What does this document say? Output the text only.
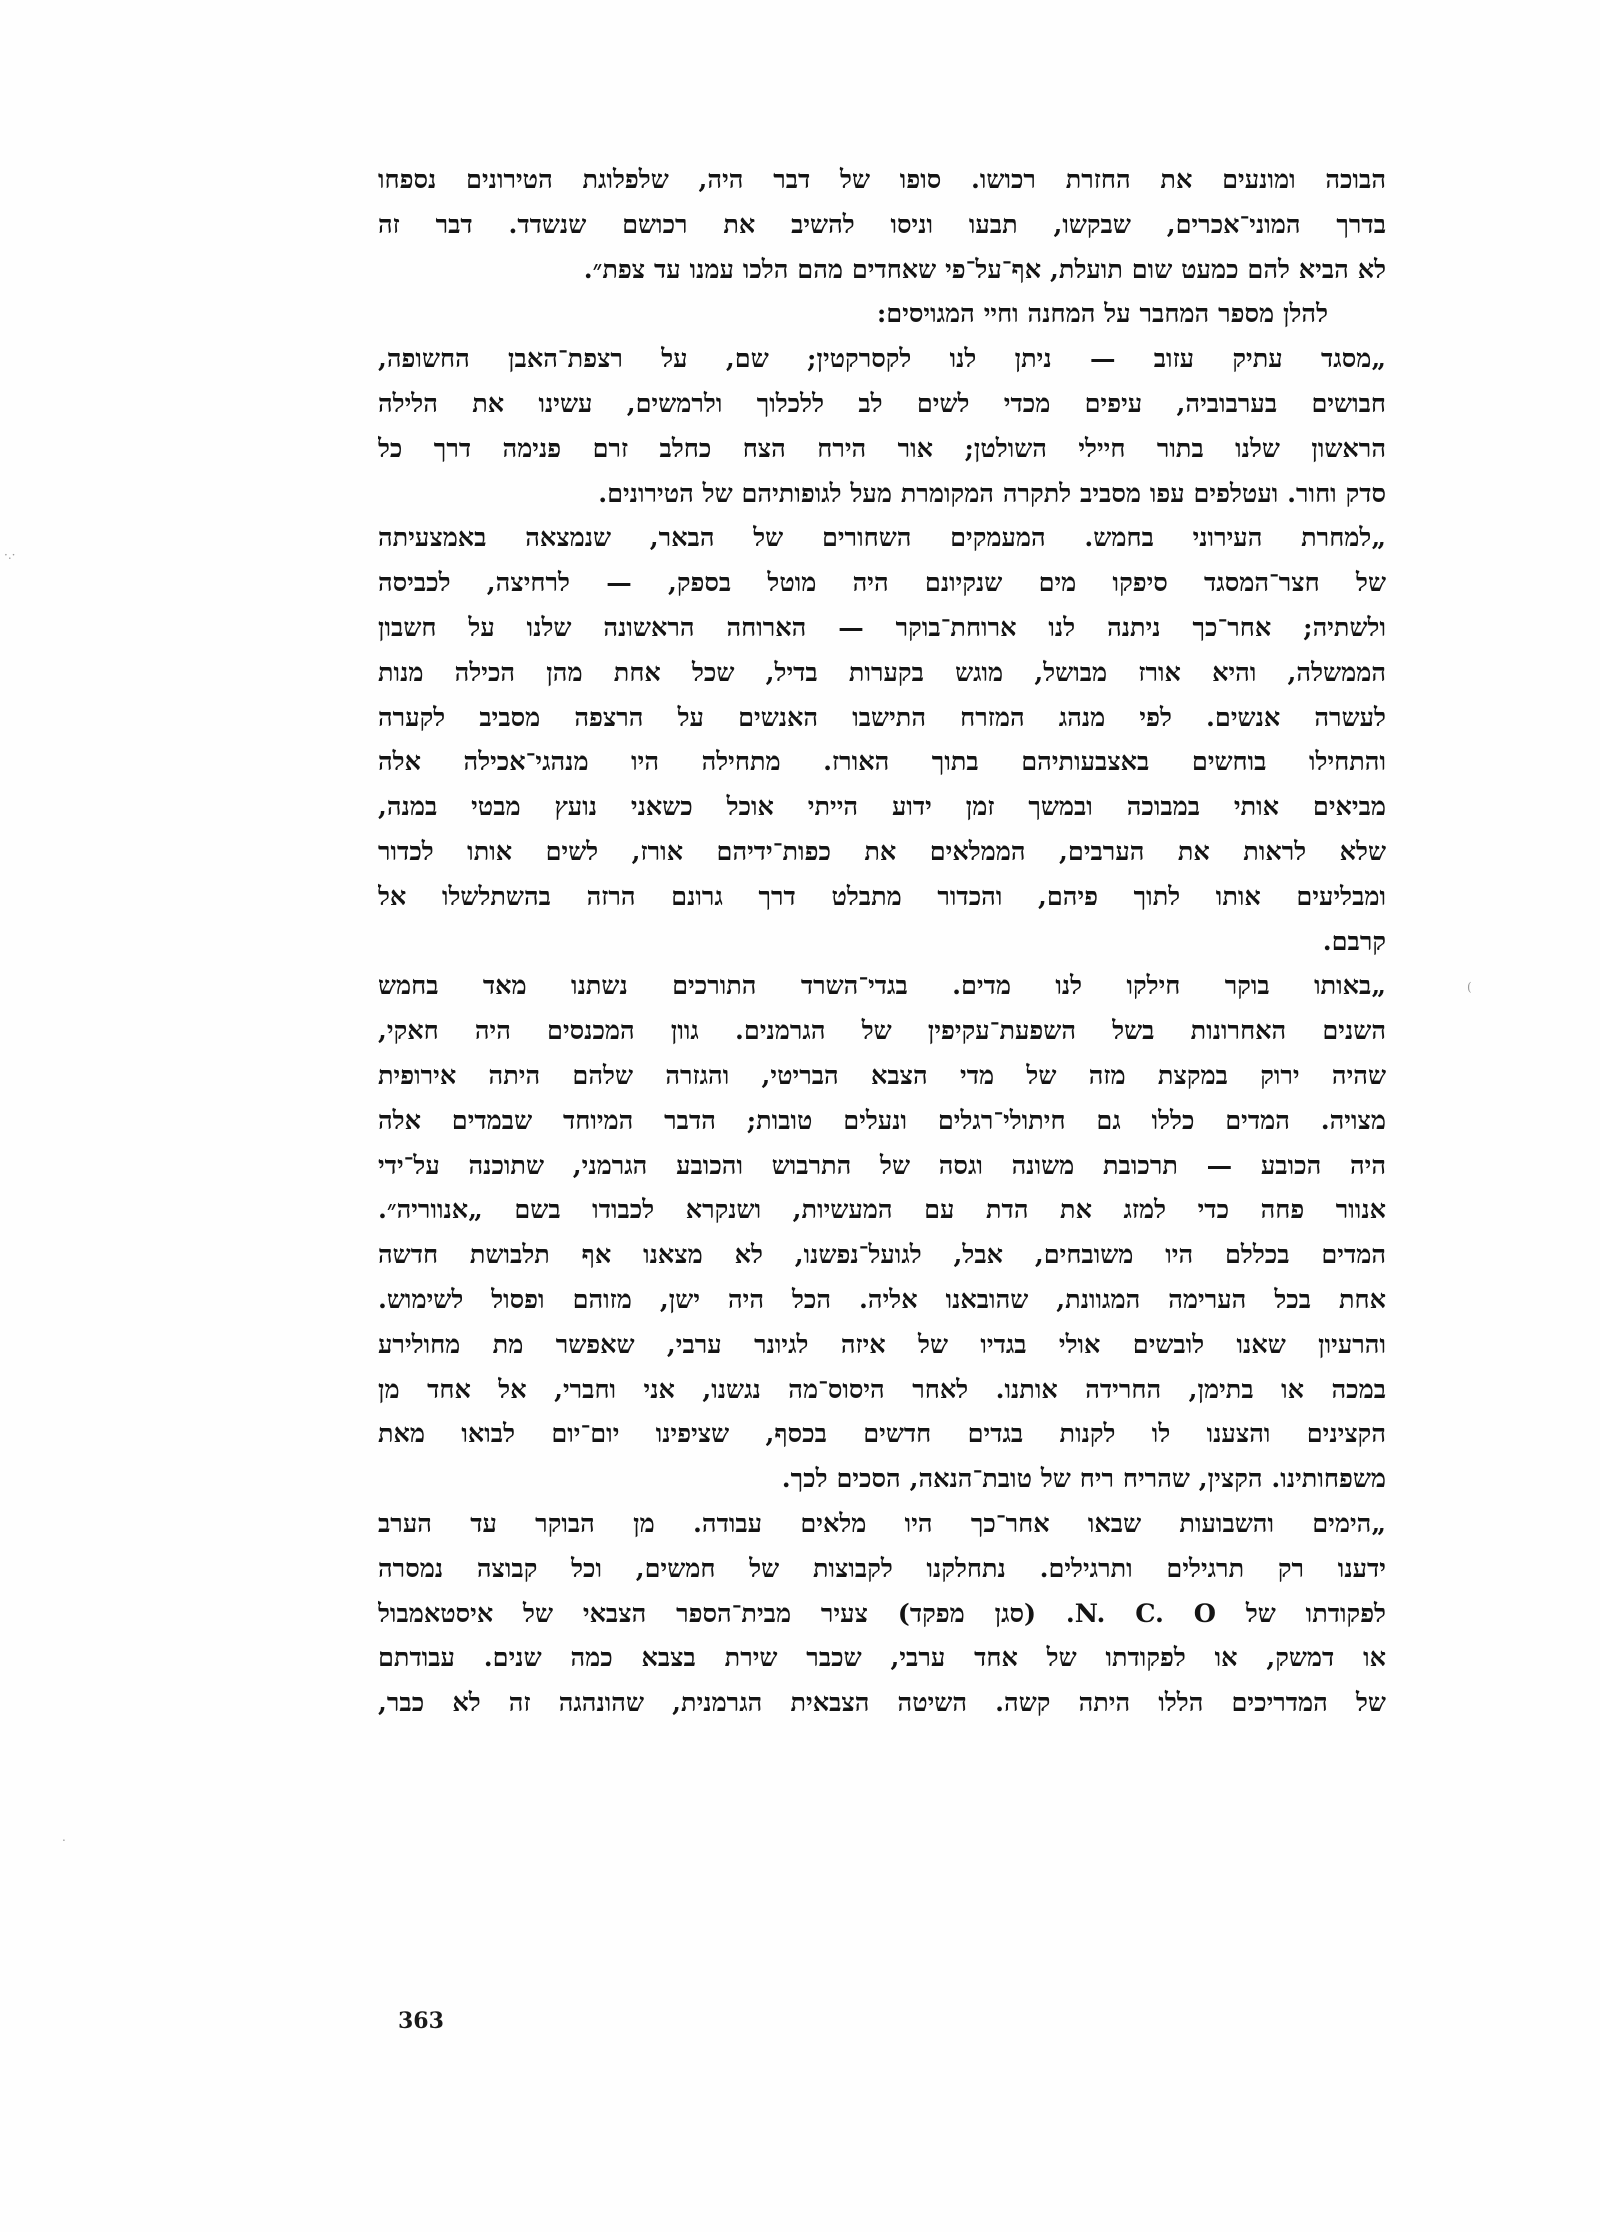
הבוכה ומונעים את החזרת רכושו. סופו של דבר היה, שלפלוגת הטירונים נספחו
בדרך המוני־אכרים, שבקשו, תבעו וניסו להשיב את רכושם שנשדד. דבר זה
לא הביא להם כמעט שום תועלת, אף־על־פי שאחדים מהם הלכו עמנו עד צפת״.
להלן מספר המחבר על המחנה וחיי המגויסים:
„מסגד עתיק עזוב — ניתן לנו לקסרקטין; שם, על רצפת־האבן החשופה,
חבושים בערבוביה, עיפים מכדי לשים לב ללכלוך ולרמשים, עשינו את הלילה
הראשון שלנו בתור חיילי השולטן; אור הירח הצח כחלב זרם פנימה דרך כל
סדק וחור. ועטלפים עפו מסביב לתקרה המקומרת מעל לגופותיהם של הטירונים.
„למחרת העירוני בחמש. המעמקים השחורים של הבאר, שנמצאה באמצעיתה
של חצר־המסגד סיפקו מים שנקיונם היה מוטל בספק, — לרחיצה, לכביסה
ולשתיה; אחר־כך ניתנה לנו ארוחת־בוקר — הארוחה הראשונה שלנו על חשבון
הממשלה, והיא אורז מבושל, מוגש בקערות בדיל, שכל אחת מהן הכילה מנות
לעשרה אנשים. לפי מנהג המזרח התישבו האנשים על הרצפה מסביב לקערה
והתחילו בוחשים באצבעותיהם בתוך האורז. מתחילה היו מנהגי־אכילה אלה
מביאים אותי במבוכה ובמשך זמן ידוע הייתי אוכל כשאני נועץ מבטי במנה,
שלא לראות את הערבים, הממלאים את כפות־ידיהם אורז, לשים אותו לכדור
ומבליעים אותו לתוך פיהם, והכדור מתבלט דרך גרונם הרזה בהשתלשלו אל
קרבם.
„באותו בוקר חילקו לנו מדים. בגדי־השרד התורכים נשתנו מאד בחמש
השנים האחרונות בשל השפעת־עקיפין של הגרמנים. גוון המכנסים היה חאקי,
שהיה ירוק במקצת מזה של מדי הצבא הבריטי, והגזרה שלהם היתה אירופית
מצויה. המדים כללו גם חיתולי־רגלים ונעלים טובות; הדבר המיוחד שבמדים אלה
היה הכובע — תרכובת משונה וגסה של התרבוש והכובע הגרמני, שתוכנה על־ידי
אנוור פחה כדי למזג את הדת עם המעשיות, ושנקרא לכבודו בשם „אנווריה״.
המדים בכללם היו משובחים, אבל, לגועל־נפשנו, לא מצאנו אף תלבושת חדשה
אחת בכל הערימה המגוונת, שהובאנו אליה. הכל היה ישן, מזוהם ופסול לשימוש.
והרעיון שאנו לובשים אולי בגדיו של איזה לגיונר ערבי, שאפשר מת מחולירע
במכה או בתימן, החרידה אותנו. לאחר היסוס־מה נגשנו, אני וחברי, אל אחד מן
הקצינים והצענו לו לקנות בגדים חדשים בכסף, שציפינו יום־יום לבואו מאת
משפחותינו. הקצין, שהריח ריח של טובת־הנאה, הסכים לכך.
„הימים והשבועות שבאו אחר־כך היו מלאים עבודה. מן הבוקר עד הערב
ידענו רק תרגילים ותרגילים. נתחלקנו לקבוצות של חמשים, וכל קבוצה נמסרה
לפקודתו של N. C. O. (סגן מפקד) צעיר מבית־הספר הצבאי של איסטאמבול
או דמשק, או לפקודתו של אחד ערבי, שכבר שירת בצבא כמה שנים. עבודתם
של המדריכים הללו היתה קשה. השיטה הצבאית הגרמנית, שהונהגה זה לא כבר,
363
·.·
(
.
